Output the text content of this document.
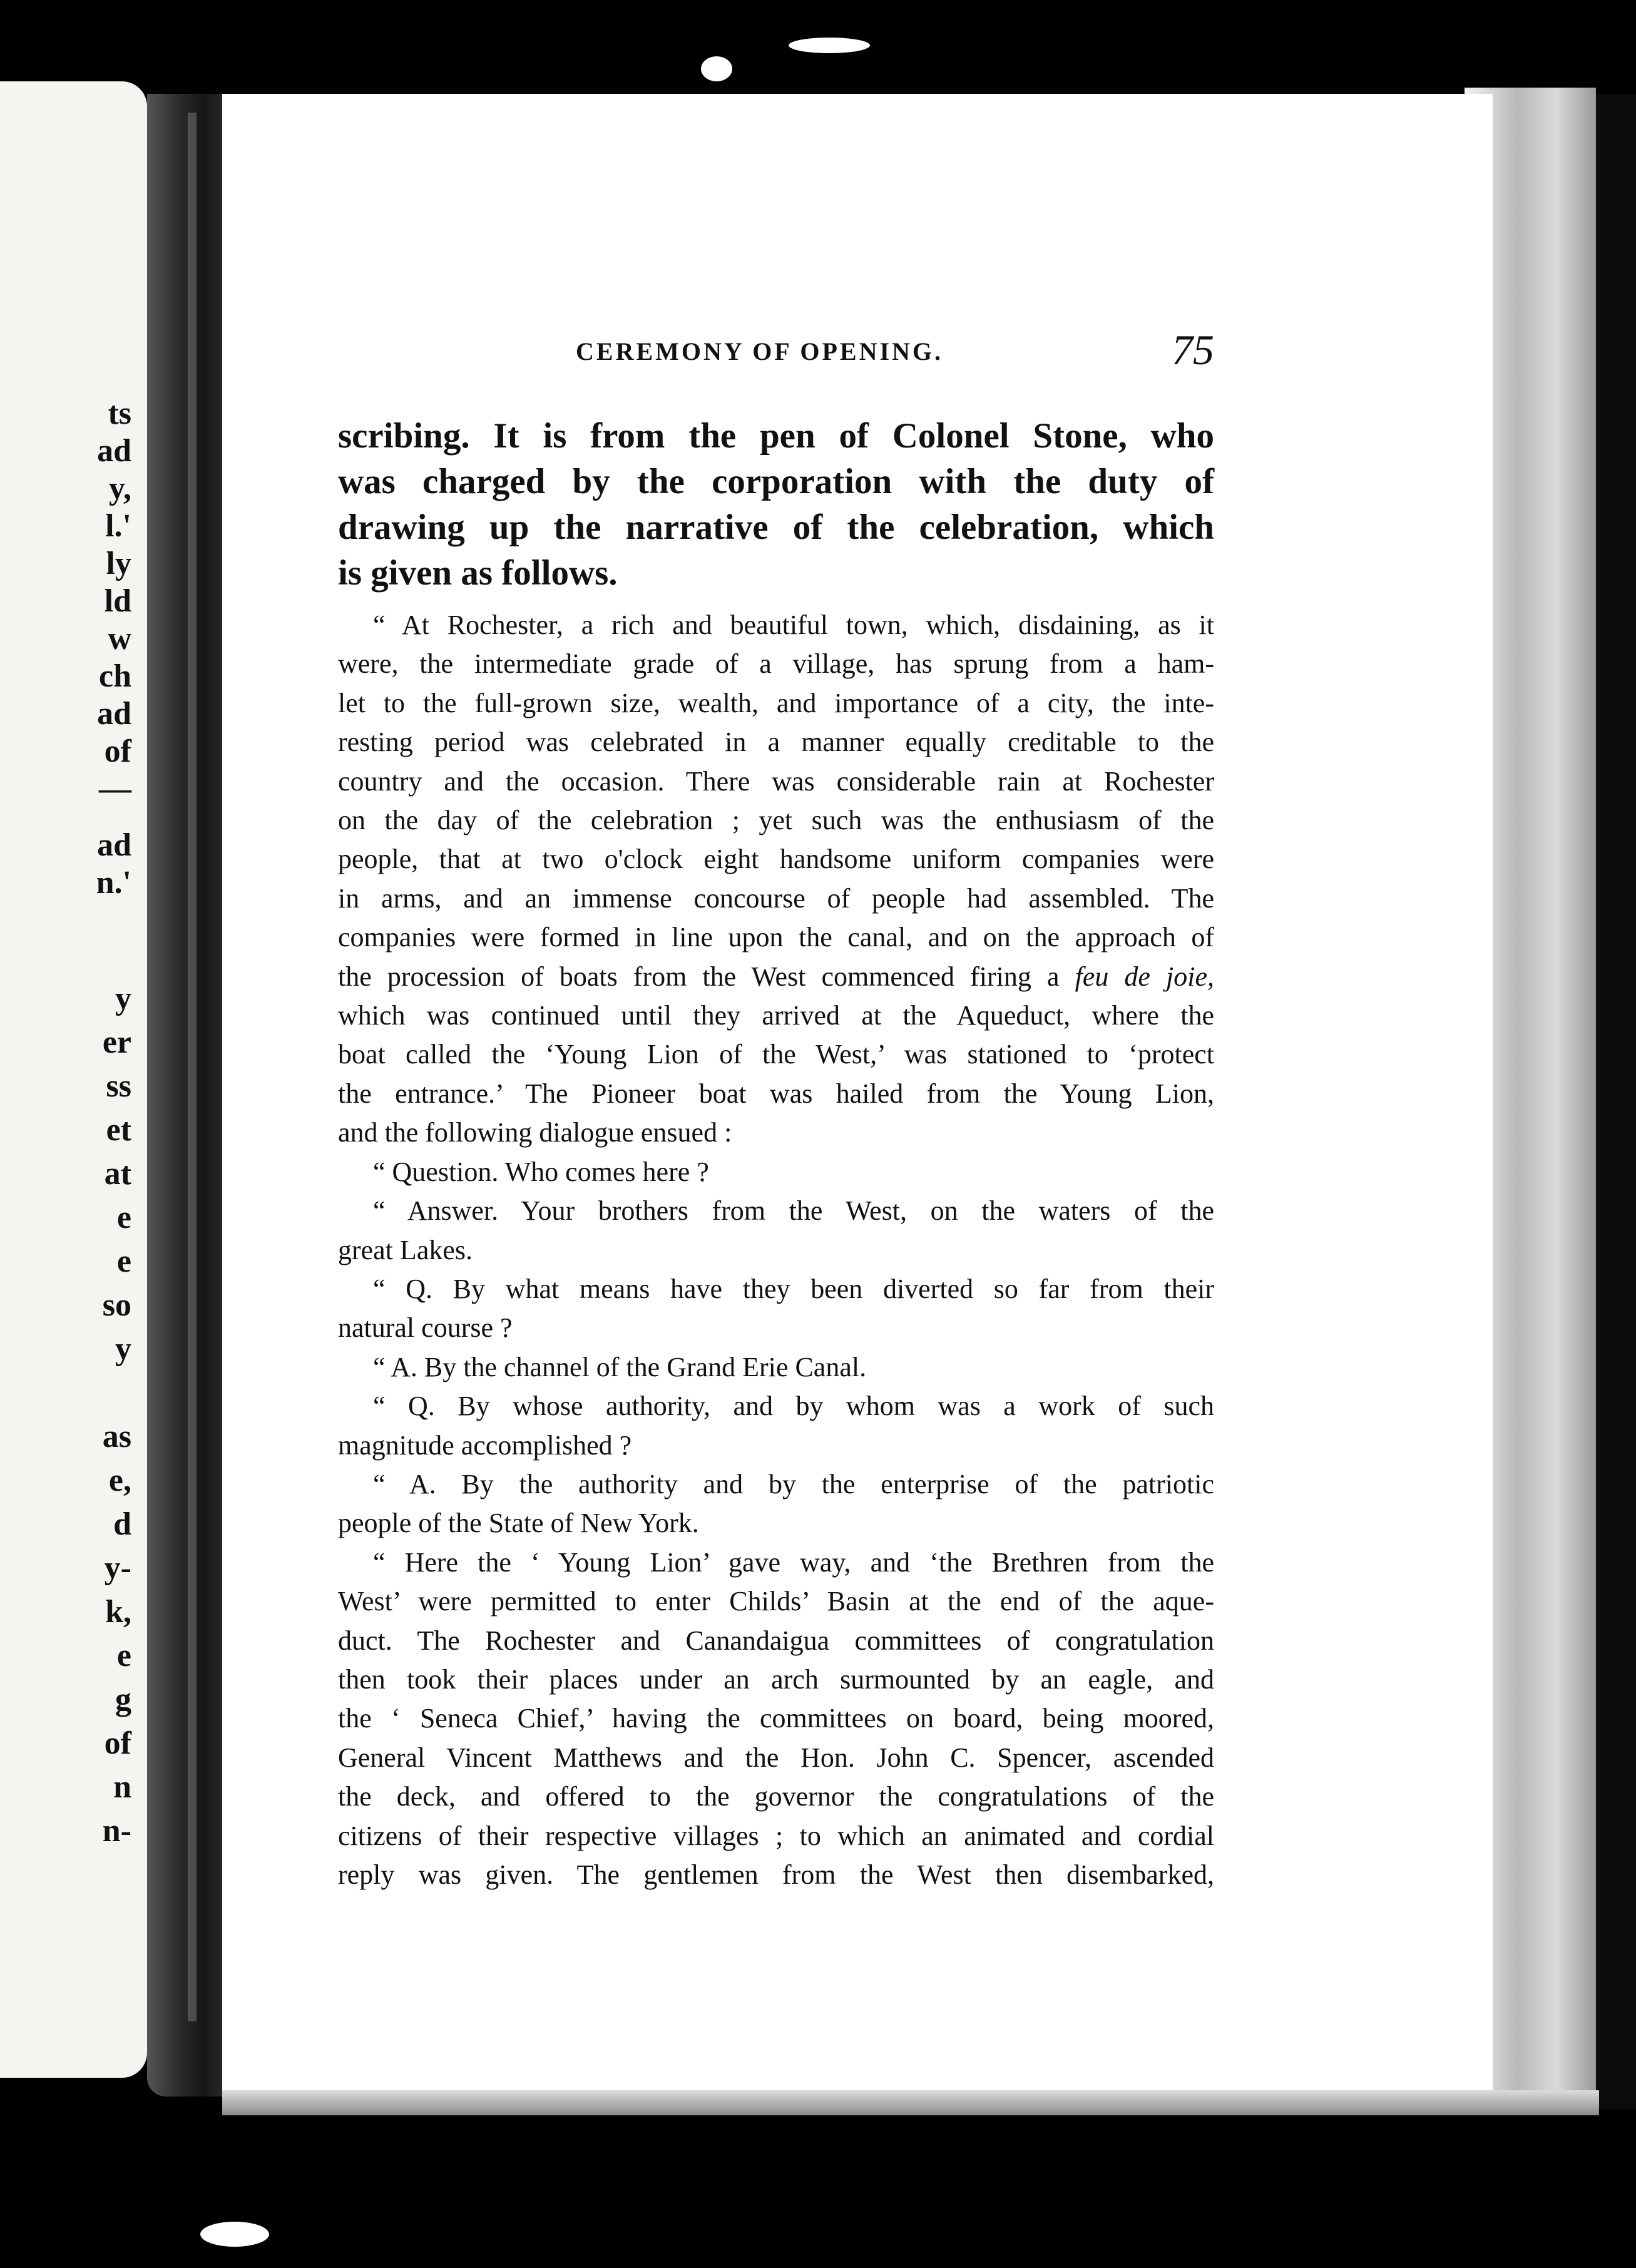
ts
ad
y,
l.'
ly
ld
w
ch
ad
of
—
ad
n.'
y
er
ss
et
at
e
e
so
y
as
e,
d
y-
k,
e
g
of
n
n-
CEREMONY OF OPENING.	75
scribing. It is from the pen of Colonel Stone, who
was charged by the corporation with the duty of
drawing up the narrative of the celebration, which
is given as follows.
“ At Rochester, a rich and beautiful town, which, disdaining, as it
were, the intermediate grade of a village, has sprung from a ham-
let to the full-grown size, wealth, and importance of a city, the inte-
resting period was celebrated in a manner equally creditable to the
country and the occasion. There was considerable rain at Rochester
on the day of the celebration ; yet such was the enthusiasm of the
people, that at two o'clock eight handsome uniform companies were
in arms, and an immense concourse of people had assembled. The
companies were formed in line upon the canal, and on the approach of
the procession of boats from the West commenced firing a feu de joie,
which was continued until they arrived at the Aqueduct, where the
boat called the ‘Young Lion of the West,’ was stationed to ‘protect
the entrance.’ The Pioneer boat was hailed from the Young Lion,
and the following dialogue ensued :
“ Question. Who comes here ?
“ Answer. Your brothers from the West, on the waters of the
great Lakes.
“ Q. By what means have they been diverted so far from their
natural course ?
“ A. By the channel of the Grand Erie Canal.
“ Q. By whose authority, and by whom was a work of such
magnitude accomplished ?
“ A. By the authority and by the enterprise of the patriotic
people of the State of New York.
“ Here the ‘ Young Lion’ gave way, and ‘the Brethren from the
West’ were permitted to enter Childs’ Basin at the end of the aque-
duct. The Rochester and Canandaigua committees of congratulation
then took their places under an arch surmounted by an eagle, and
the ‘ Seneca Chief,’ having the committees on board, being moored,
General Vincent Matthews and the Hon. John C. Spencer, ascended
the deck, and offered to the governor the congratulations of the
citizens of their respective villages ; to which an animated and cordial
reply was given. The gentlemen from the West then disembarked,
